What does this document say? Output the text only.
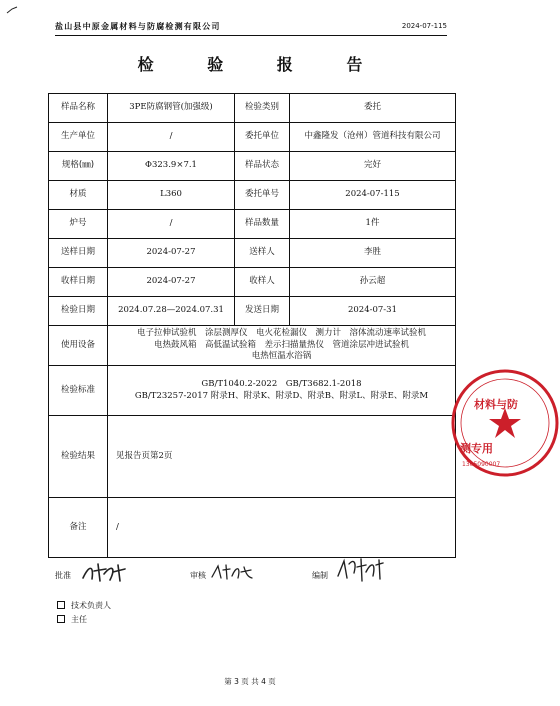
盐山县中原金属材料与防腐检测有限公司	2024-07-115
检 验 报 告
样品名称	3PE防腐钢管(加强级)	检验类别	委托
生产单位	/	委托单位	中鑫隆发（沧州）管道科技有限公司
规格(㎜)	Φ323.9×7.1	样品状态	完好
材质	L360	委托单号	2024-07-115
炉号	/	样品数量	1件
送样日期	2024-07-27	送样人	李胜
收样日期	2024-07-27	收样人	孙云超
检验日期	2024.07.28—2024.07.31	发送日期	2024-07-31
使用设备	电子拉伸试验机　涂层测厚仪　电火花检漏仪　测力计　溶体流动速率试验机
电热鼓风箱　高低温试验箱　差示扫描量热仪　管道涂层冲进试验机
电热恒温水浴锅		

检验标准	GB/T1040.2-2022　GB/T3682.1-2018
GB/T23257-2017 附录H、附录K、附录D、附录B、附录L、附录E、附录M		

检验结果	见报告页第2页		
备注	/		
材料与防
测专用
1305090007
批准	审核	编制
技术负责人
主任
第 3 页 共 4 页
